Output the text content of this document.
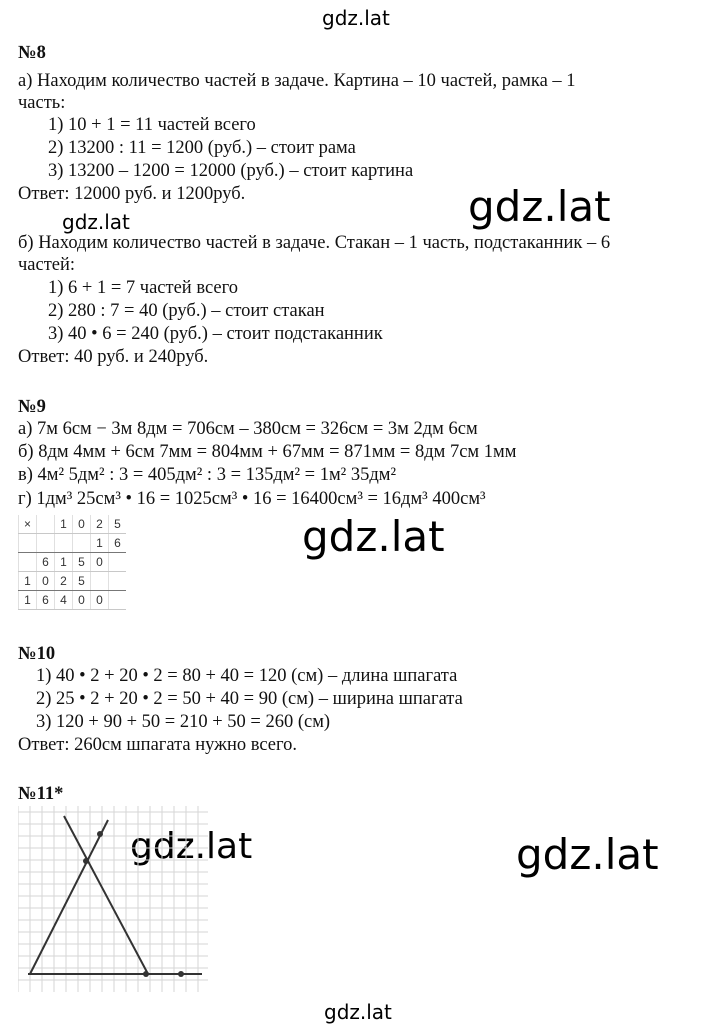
gdz.lat
gdz.lat	gdz.lat
gdz.lat
gdz.lat	gdz.lat
gdz.lat
№8
а) Находим количество частей в задаче. Картина – 10 частей, рамка – 1
часть:
1) 10 + 1 = 11 частей всего
2) 13200 : 11 = 1200 (руб.) – стоит рама
3) 13200 – 1200 = 12000 (руб.) – стоит картина
Ответ: 12000 руб. и 1200руб.
б) Находим количество частей в задаче. Стакан – 1 часть, подстаканник – 6
частей:
1) 6 + 1 = 7 частей всего
2) 280 : 7 = 40 (руб.) – стоит стакан
3) 40 • 6 = 240 (руб.) – стоит подстаканник
Ответ: 40 руб. и 240руб.
№9
а) 7м 6см − 3м 8дм = 706см – 380см = 326см = 3м 2дм 6см
б) 8дм 4мм + 6см 7мм = 804мм + 67мм = 871мм = 8дм 7см 1мм
в) 4м² 5дм² : 3 = 405дм² : 3 = 135дм² = 1м² 35дм²
г) 1дм³ 25см³ • 16 = 1025см³ • 16 = 16400см³ = 16дм³ 400см³
×		1	0	2	5
				1	6
	6	1	5	0	
1	0	2	5		
1	6	4	0	0	
№10
1) 40 • 2 + 20 • 2 = 80 + 40 = 120 (см) – длина шпагата
2) 25 • 2 + 20 • 2 = 50 + 40 = 90 (см) – ширина шпагата
3) 120 + 90 + 50 = 210 + 50 = 260 (см)
Ответ: 260см шпагата нужно всего.
№11*
